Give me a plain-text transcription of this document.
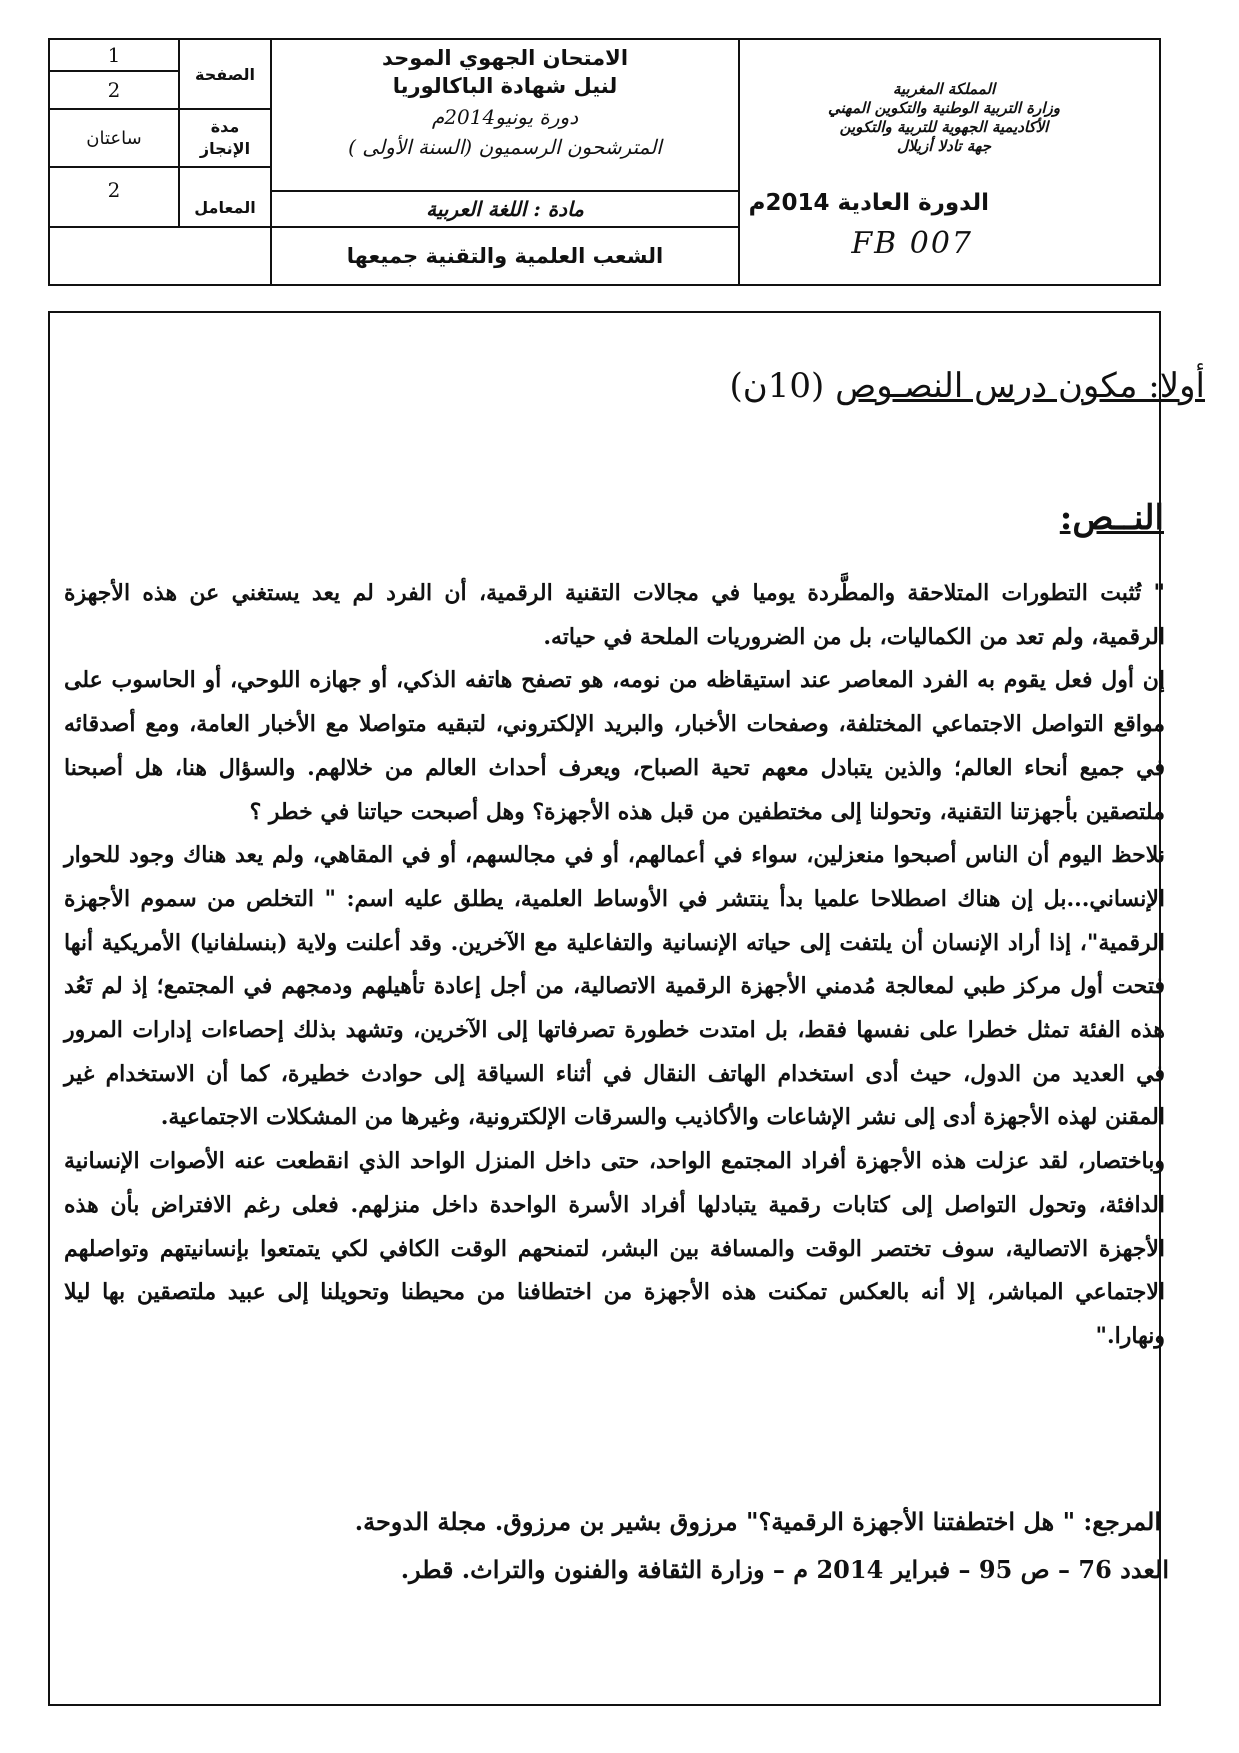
1
2
ساعتان
2
الصفحة
مدة الإنجاز
المعامل
الامتحان الجهوي الموحد
لنيل شهادة الباكالوريا
دورة يونيو2014م
المترشحون الرسميون (السنة الأولى )
مادة : اللغة العربية
الشعب العلمية والتقنية جميعها
المملكة المغربية
وزارة التربية الوطنية والتكوين المهني
الأكاديمية الجهوية للتربية والتكوين
جهة تادلا أزيلال
الدورة العادية 2014م
FB 007
أولا: مكون درس النصـوص (10ن)
النــص:

" تُثبت التطورات المتلاحقة والمطَّردة يوميا في مجالات التقنية الرقمية، أن الفرد لم يعد يستغني عن هذه الأجهزة الرقمية، ولم تعد من الكماليات، بل من الضروريات الملحة في حياته.

إن أول فعل يقوم به الفرد المعاصر عند استيقاظه من نومه، هو تصفح هاتفه الذكي، أو جهازه اللوحي، أو الحاسوب على مواقع التواصل الاجتماعي المختلفة، وصفحات الأخبار، والبريد الإلكتروني، لتبقيه متواصلا مع الأخبار العامة، ومع أصدقائه في جميع أنحاء العالم؛ والذين يتبادل معهم تحية الصباح، ويعرف أحداث العالم من خلالهم. والسؤال هنا، هل أصبحنا ملتصقين بأجهزتنا التقنية، وتحولنا إلى مختطفين من قبل هذه الأجهزة؟ وهل أصبحت حياتنا في خطر ؟

نلاحظ اليوم أن الناس أصبحوا منعزلين، سواء في أعمالهم، أو في مجالسهم، أو في المقاهي، ولم يعد هناك وجود للحوار الإنساني...بل إن هناك اصطلاحا علميا بدأ ينتشر في الأوساط العلمية، يطلق عليه اسم: " التخلص من سموم الأجهزة الرقمية"، إذا أراد الإنسان أن يلتفت إلى حياته الإنسانية والتفاعلية مع الآخرين. وقد أعلنت ولاية (بنسلفانيا) الأمريكية أنها فتحت أول مركز طبي لمعالجة مُدمني الأجهزة الرقمية الاتصالية، من أجل إعادة تأهيلهم ودمجهم في المجتمع؛ إذ لم تَعُد هذه الفئة تمثل خطرا على نفسها فقط، بل امتدت خطورة تصرفاتها إلى الآخرين، وتشهد بذلك إحصاءات إدارات المرور في العديد من الدول، حيث أدى استخدام الهاتف النقال في أثناء السياقة إلى حوادث خطيرة، كما أن الاستخدام غير المقنن لهذه الأجهزة أدى إلى نشر الإشاعات والأكاذيب والسرقات الإلكترونية، وغيرها من المشكلات الاجتماعية.

وباختصار، لقد عزلت هذه الأجهزة أفراد المجتمع الواحد، حتى داخل المنزل الواحد الذي انقطعت عنه الأصوات الإنسانية الدافئة، وتحول التواصل إلى كتابات رقمية يتبادلها أفراد الأسرة الواحدة داخل منزلهم. فعلى رغم الافتراض بأن هذه الأجهزة الاتصالية، سوف تختصر الوقت والمسافة بين البشر، لتمنحهم الوقت الكافي لكي يتمتعوا بإنسانيتهم وتواصلهم الاجتماعي المباشر، إلا أنه بالعكس تمكنت هذه الأجهزة من اختطافنا من محيطنا وتحويلنا إلى عبيد ملتصقين بها ليلا ونهارا."

المرجع: " هل اختطفتنا الأجهزة الرقمية؟" مرزوق بشير بن مرزوق. مجلة الدوحة.
العدد 76 – ص 95 – فبراير 2014 م – وزارة الثقافة والفنون والتراث. قطر.
